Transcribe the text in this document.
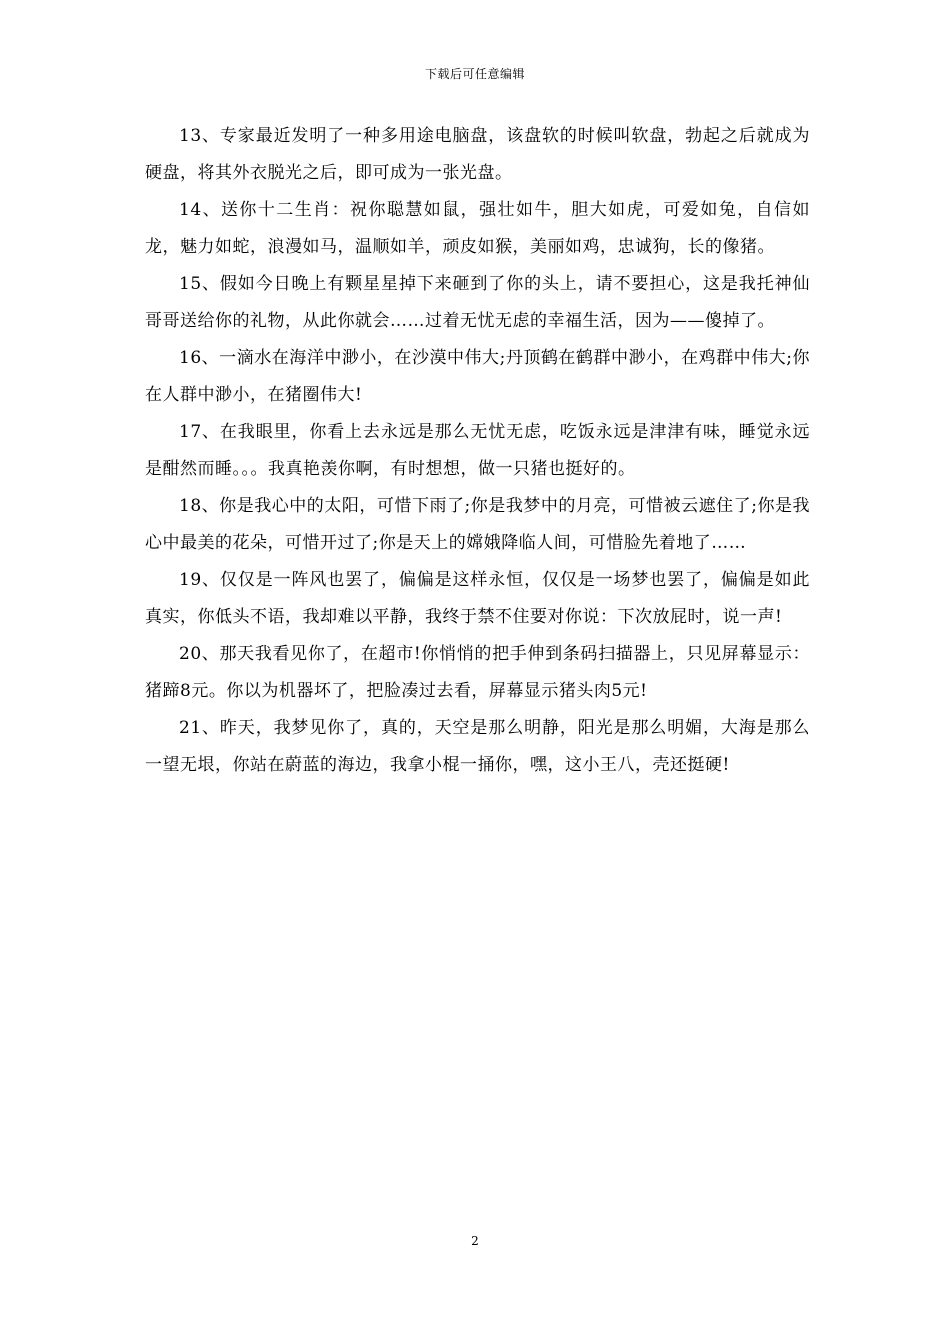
下载后可任意编辑

13、专家最近发明了一种多用途电脑盘，该盘软的时候叫软盘，勃起之后就成为硬盘，将其外衣脱光之后，即可成为一张光盘。

14、送你十二生肖：祝你聪慧如鼠，强壮如牛，胆大如虎，可爱如兔，自信如龙，魅力如蛇，浪漫如马，温顺如羊，顽皮如猴，美丽如鸡，忠诚狗，长的像猪。

15、假如今日晚上有颗星星掉下来砸到了你的头上，请不要担心，这是我托神仙哥哥送给你的礼物，从此你就会……过着无忧无虑的幸福生活，因为——傻掉了。

16、一滴水在海洋中渺小，在沙漠中伟大;丹顶鹤在鹤群中渺小，在鸡群中伟大;你在人群中渺小，在猪圈伟大!

17、在我眼里，你看上去永远是那么无忧无虑，吃饭永远是津津有味，睡觉永远是酣然而睡。。。我真艳羡你啊，有时想想，做一只猪也挺好的。

18、你是我心中的太阳，可惜下雨了;你是我梦中的月亮，可惜被云遮住了;你是我心中最美的花朵，可惜开过了;你是天上的嫦娥降临人间，可惜脸先着地了……

19、仅仅是一阵风也罢了，偏偏是这样永恒，仅仅是一场梦也罢了，偏偏是如此真实，你低头不语，我却难以平静，我终于禁不住要对你说：下次放屁时，说一声!

20、那天我看见你了，在超市!你悄悄的把手伸到条码扫描器上，只见屏幕显示：猪蹄8元。你以为机器坏了，把脸凑过去看，屏幕显示猪头肉5元!

21、昨天，我梦见你了，真的，天空是那么明静，阳光是那么明媚，大海是那么一望无垠，你站在蔚蓝的海边，我拿小棍一捅你，嘿，这小王八，壳还挺硬!

2
